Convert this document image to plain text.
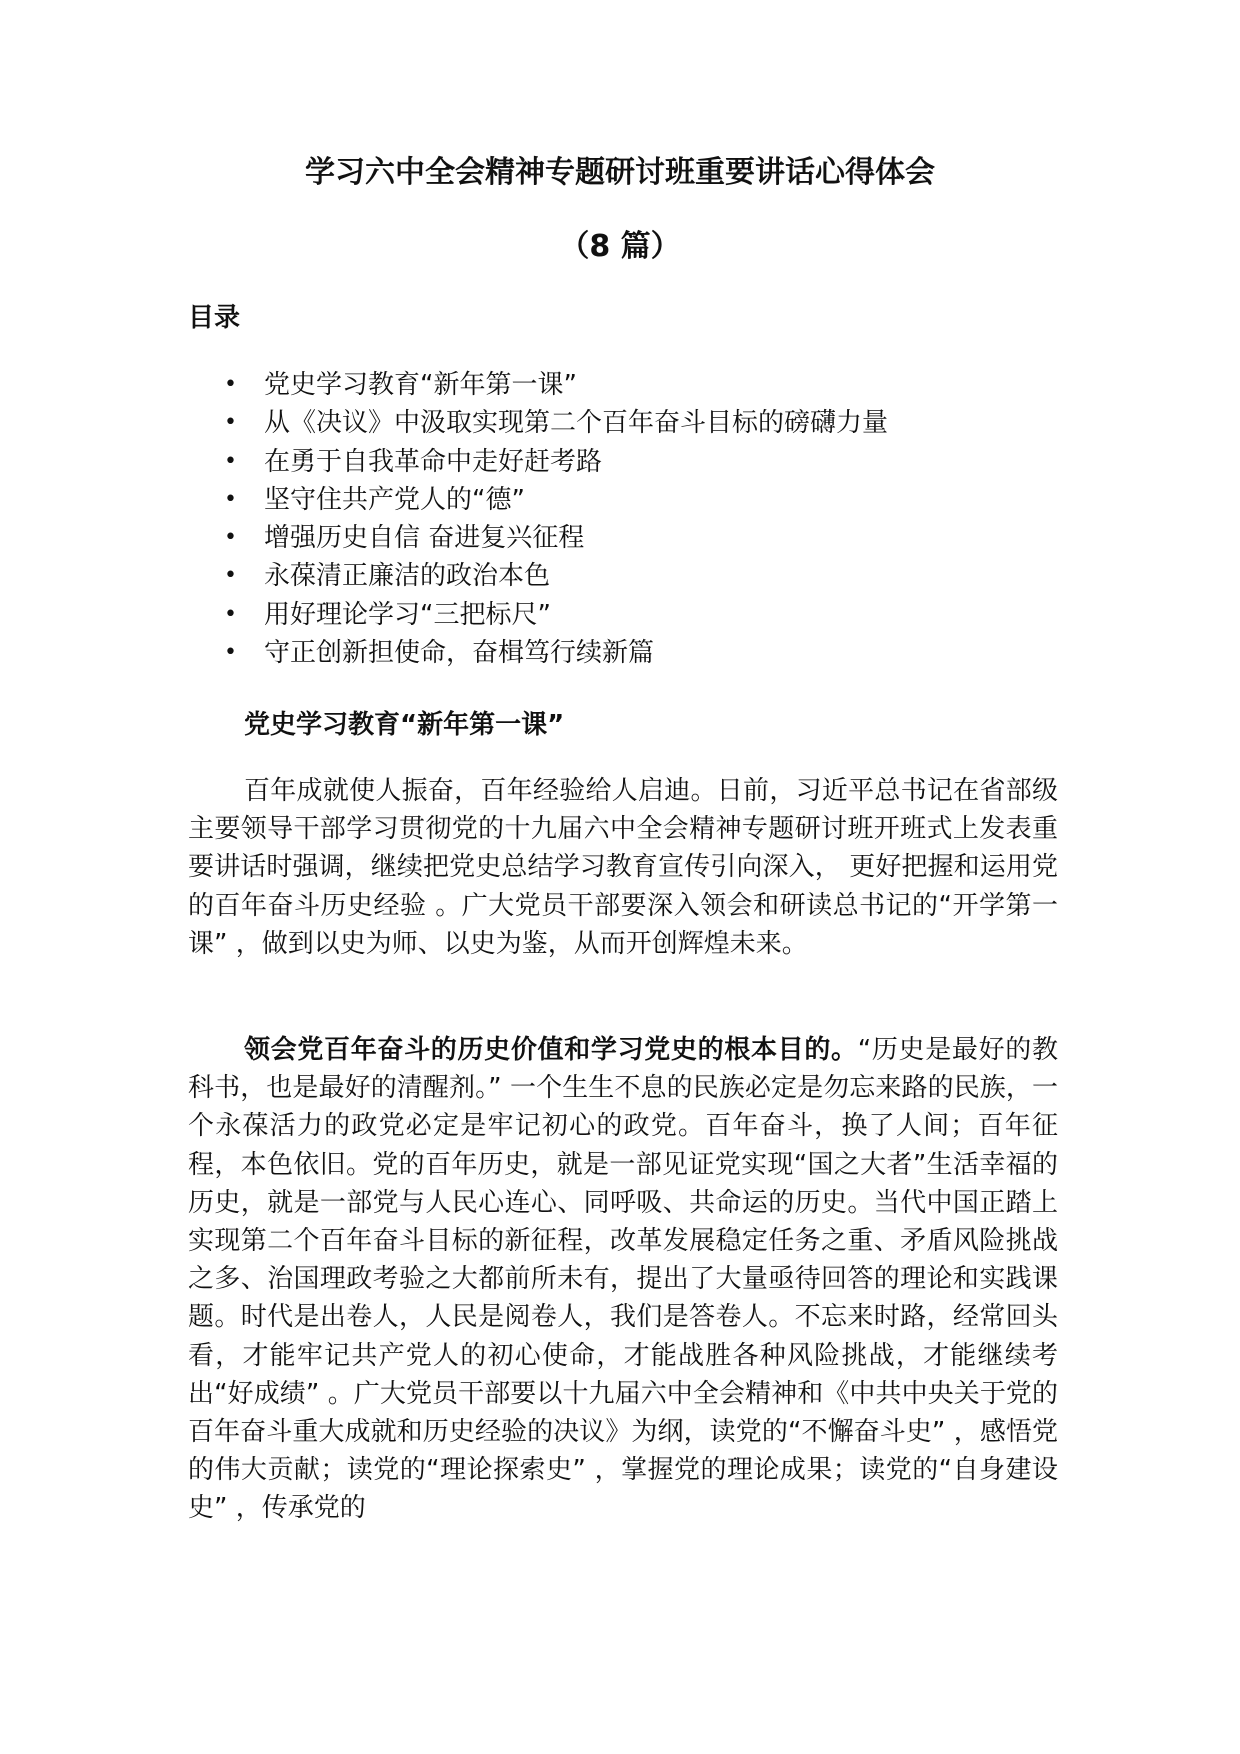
学习六中全会精神专题研讨班重要讲话心得体会
（8 篇）
目录
• 党史学习教育“新年第一课”
• 从《决议》中汲取实现第二个百年奋斗目标的磅礴力量
• 在勇于自我革命中走好赶考路
• 坚守住共产党人的“德”
• 增强历史自信 奋进复兴征程
• 永葆清正廉洁的政治本色
• 用好理论学习“三把标尺”
• 守正创新担使命，奋楫笃行续新篇
党史学习教育“新年第一课”

百年成就使人振奋，百年经验给人启迪。日前，习近平总书记在省部级主要领导干部学习贯彻党的十九届六中全会精神专题研讨班开班式上发表重要讲话时强调，继续把党史总结学习教育宣传引向深入， 更好把握和运用党的百年奋斗历史经验 。广大党员干部要深入领会和研读总书记的“开学第一课” ，做到以史为师、以史为鉴，从而开创辉煌未来。

领会党百年奋斗的历史价值和学习党史的根本目的。“历史是最好的教科书，也是最好的清醒剂。” 一个生生不息的民族必定是勿忘来路的民族，一个永葆活力的政党必定是牢记初心的政党。百年奋斗，换了人间；百年征程，本色依旧。党的百年历史，就是一部见证党实现“国之大者”生活幸福的历史，就是一部党与人民心连心、同呼吸、共命运的历史。当代中国正踏上实现第二个百年奋斗目标的新征程，改革发展稳定任务之重、矛盾风险挑战之多、治国理政考验之大都前所未有，提出了大量亟待回答的理论和实践课题。时代是出卷人，人民是阅卷人，我们是答卷人。不忘来时路，经常回头看，才能牢记共产党人的初心使命，才能战胜各种风险挑战，才能继续考出“好成绩” 。广大党员干部要以十九届六中全会精神和《中共中央关于党的百年奋斗重大成就和历史经验的决议》为纲，读党的“不懈奋斗史” ，感悟党的伟大贡献；读党的“理论探索史” ，掌握党的理论成果；读党的“自身建设史” ，传承党的
